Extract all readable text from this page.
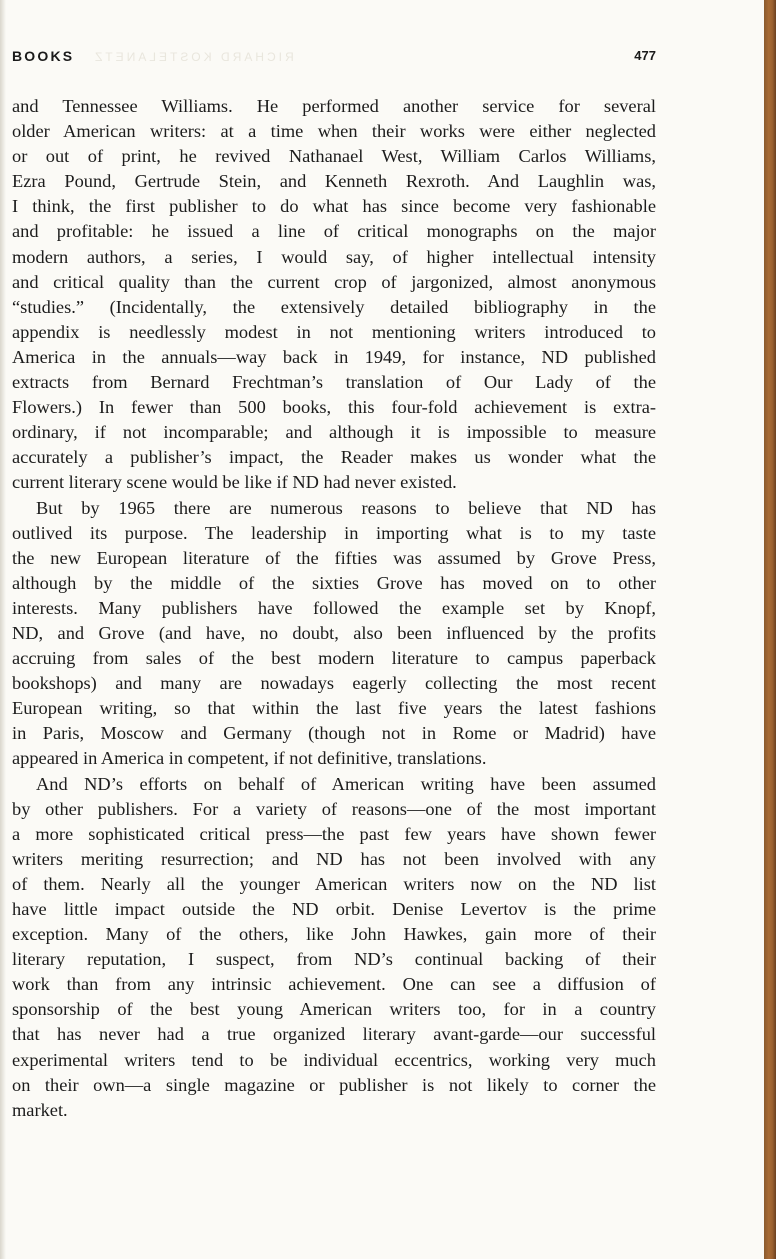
BOOKS	477
RICHARD KOSTELANETZ
and Tennessee Williams. He performed another service for several
older American writers: at a time when their works were either neglected
or out of print, he revived Nathanael West, William Carlos Williams,
Ezra Pound, Gertrude Stein, and Kenneth Rexroth. And Laughlin was,
I think, the first publisher to do what has since become very fashionable
and profitable: he issued a line of critical monographs on the major
modern authors, a series, I would say, of higher intellectual intensity
and critical quality than the current crop of jargonized, almost anonymous
“studies.” (Incidentally, the extensively detailed bibliography in the
appendix is needlessly modest in not mentioning writers introduced to
America in the annuals—way back in 1949, for instance, ND published
extracts from Bernard Frechtman’s translation of Our Lady of the
Flowers.) In fewer than 500 books, this four-fold achievement is extra-
ordinary, if not incomparable; and although it is impossible to measure
accurately a publisher’s impact, the Reader makes us wonder what the
current literary scene would be like if ND had never existed.
But by 1965 there are numerous reasons to believe that ND has
outlived its purpose. The leadership in importing what is to my taste
the new European literature of the fifties was assumed by Grove Press,
although by the middle of the sixties Grove has moved on to other
interests. Many publishers have followed the example set by Knopf,
ND, and Grove (and have, no doubt, also been influenced by the profits
accruing from sales of the best modern literature to campus paperback
bookshops) and many are nowadays eagerly collecting the most recent
European writing, so that within the last five years the latest fashions
in Paris, Moscow and Germany (though not in Rome or Madrid) have
appeared in America in competent, if not definitive, translations.
And ND’s efforts on behalf of American writing have been assumed
by other publishers. For a variety of reasons—one of the most important
a more sophisticated critical press—the past few years have shown fewer
writers meriting resurrection; and ND has not been involved with any
of them. Nearly all the younger American writers now on the ND list
have little impact outside the ND orbit. Denise Levertov is the prime
exception. Many of the others, like John Hawkes, gain more of their
literary reputation, I suspect, from ND’s continual backing of their
work than from any intrinsic achievement. One can see a diffusion of
sponsorship of the best young American writers too, for in a country
that has never had a true organized literary avant-garde—our successful
experimental writers tend to be individual eccentrics, working very much
on their own—a single magazine or publisher is not likely to corner the
market.
